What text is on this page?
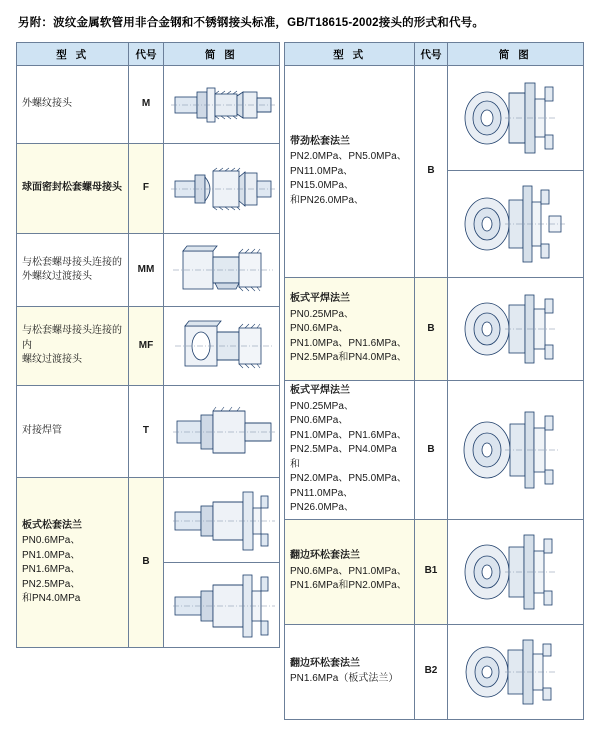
另附：波纹金属软管用非合金钢和不锈钢接头标准，GB/T18615-2002接头的形式和代号。
型 式	代号	简 图

外螺纹接头	M	

球面密封松套螺母接头	F	

与松套螺母接头连接的
外螺纹过渡接头	MM	

与松套螺母接头连接的内
螺纹过渡接头	MF	

对接焊管	T	

板式松套法兰
PN0.6MPa、PN1.0MPa、
PN1.6MPa、PN2.5MPa、
和PN4.0MPa	B	

型 式	代号	简 图

带劲松套法兰
PN2.0MPa、PN5.0MPa、
PN11.0MPa、PN15.0MPa、
和PN26.0MPa、	B	

板式平焊法兰
PN0.25MPa、PN0.6MPa、
PN1.0MPa、PN1.6MPa、
PN2.5MPa和PN4.0MPa、	B	

板式平焊法兰
PN0.25MPa、PN0.6MPa、
PN1.0MPa、PN1.6MPa、
PN2.5MPa、PN4.0MPa 和
PN2.0MPa、PN5.0MPa、
PN11.0MPa、PN26.0MPa、
	B	

翻边环松套法兰
PN0.6MPa、PN1.0MPa、
PN1.6MPa和PN2.0MPa、	B1	

翻边环松套法兰
PN1.6MPa（板式法兰）	B2	
